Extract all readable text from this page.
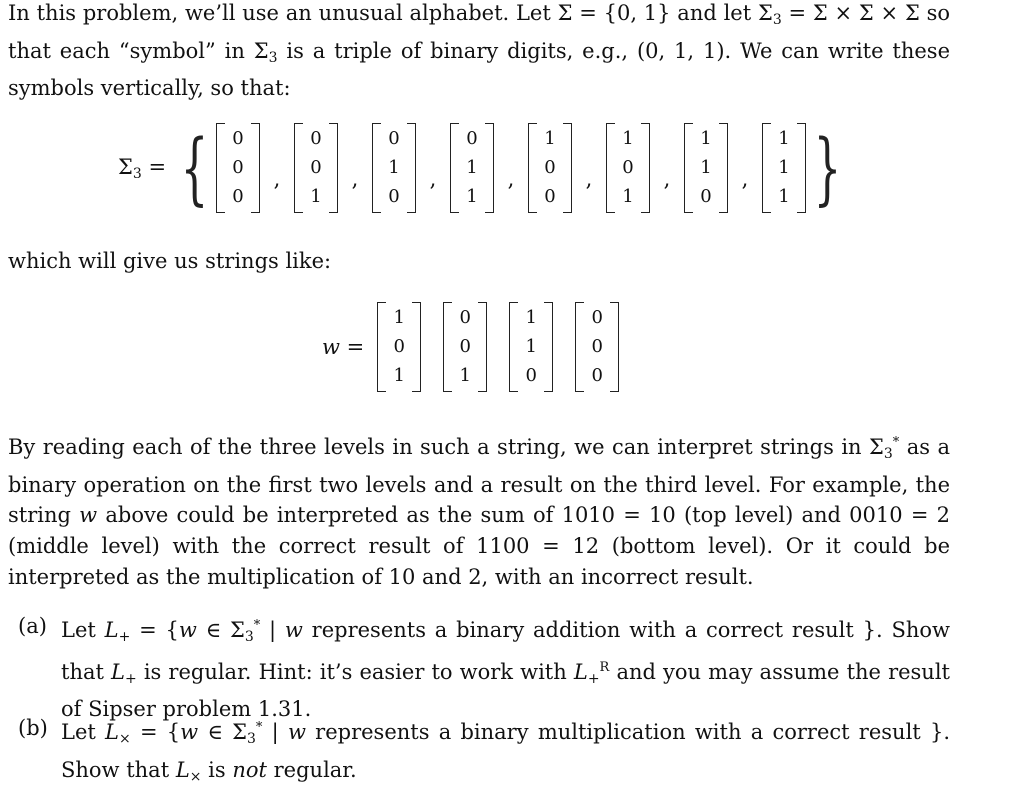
In this problem, we’ll use an unusual alphabet. Let Σ = {0, 1} and let $\Sigma_3 = \Sigma \times \Sigma \times \Sigma$ so that each “symbol” in $\Sigma_3$ is a triple of binary digits, e.g., (0, 1, 1). We can write these symbols vertically, so that:

$\Sigma_3$ = { 0
0
0
,
0
0
1
,
0
1
0
,
0
1
1
,
1
0
0
,
1
0
1
,
1
1
0
,
1
1
1 }

which will give us strings like:

w =
1
0
1
0
0
1
1
1
0
0
0
0

By reading each of the three levels in such a string, we can interpret strings in $\Sigma_3^*$ as a binary operation on the first two levels and a result on the third level. For example, the string w above could be interpreted as the sum of 1010 = 10 (top level) and 0010 = 2 (middle level) with the correct result of 1100 = 12 (bottom level). Or it could be interpreted as the multiplication of 10 and 2, with an incorrect result.

(a) Let $L_+ = \{w$ ∈ $\Sigma_3^*$ | w represents a binary addition with a correct result }. Show that $L_+$ is regular. Hint: it’s easier to work with $L_+^R$ and you may assume the result of Sipser problem 1.31.
(b) Let $L_\times = \{w$ ∈ $\Sigma_3^*$ | w represents a binary multiplication with a correct result }. Show that $L_\times$ is not regular.
